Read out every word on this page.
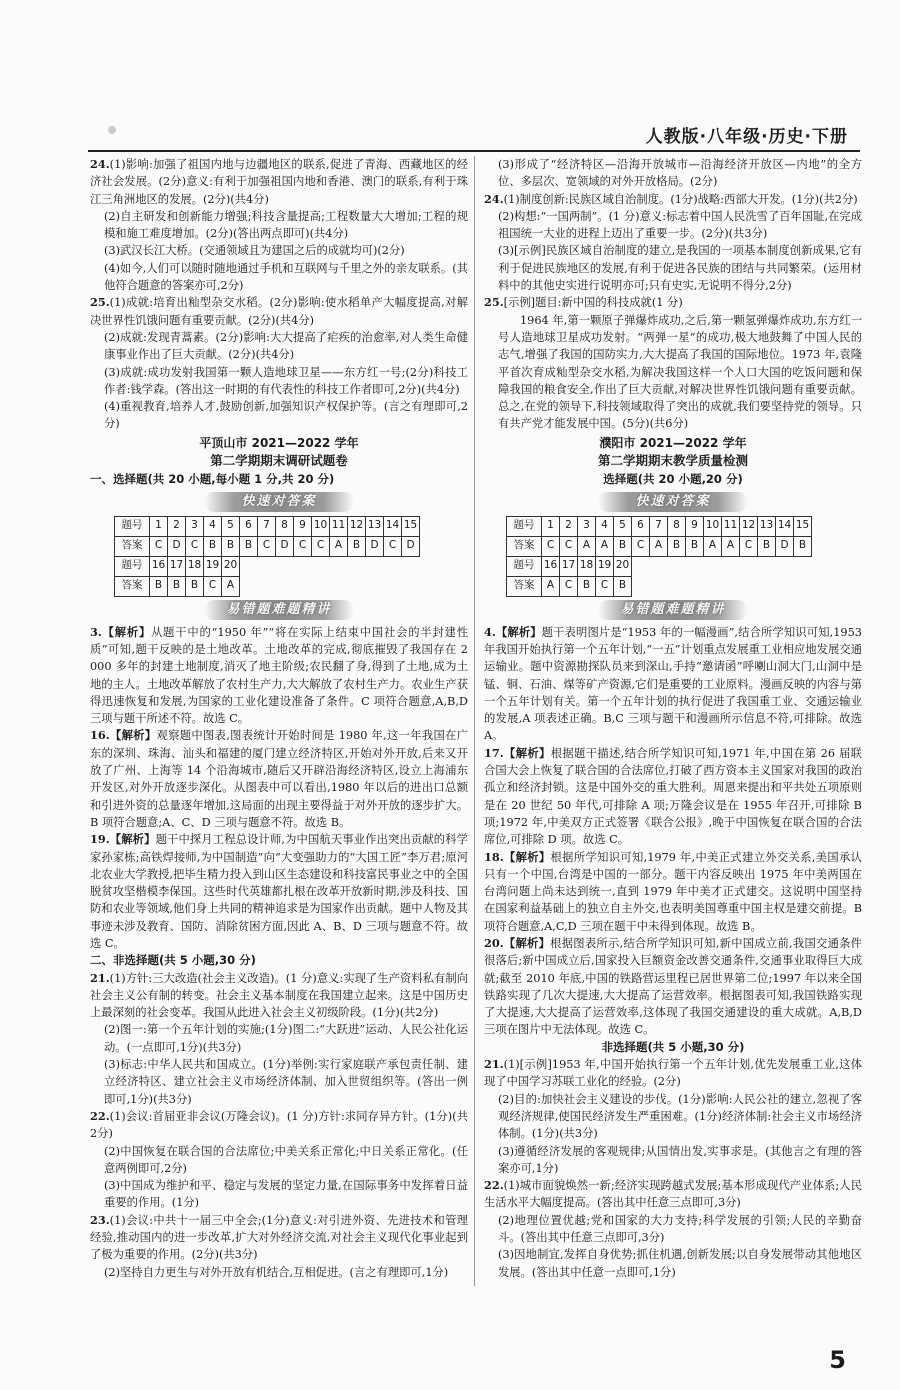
人教版·八年级·历史·下册

24.(1)影响:加强了祖国内地与边疆地区的联系,促进了青海、西藏地区的经济社会发展。(2分)意义:有利于加强祖国内地和香港、澳门的联系,有利于珠江三角洲地区的发展。(2分)(共4分)

(2)自主研发和创新能力增强;科技含量提高;工程数量大大增加;工程的规模和施工难度增加。(2分)(答出两点即可)(共4分)

(3)武汉长江大桥。(交通领域且为建国之后的成就均可)(2分)

(4)如今,人们可以随时随地通过手机和互联网与千里之外的亲友联系。(其他符合题意的答案亦可,2分)

25.(1)成就:培育出籼型杂交水稻。(2分)影响:使水稻单产大幅度提高,对解决世界性饥饿问题有重要贡献。(2分)(共4分)

(2)成就:发现青蒿素。(2分)影响:大大提高了疟疾的治愈率,对人类生命健康事业作出了巨大贡献。(2分)(共4分)

(3)成就:成功发射我国第一颗人造地球卫星——东方红一号;(2分)科技工作者:钱学森。(答出这一时期的有代表性的科技工作者即可,2分)(共4分)

(4)重视教育,培养人才,鼓励创新,加强知识产权保护等。(言之有理即可,2分)

平顶山市 2021—2022 学年
第二学期期末调研试题卷
一、选择题(共 20 小题,每小题 1 分,共 20 分)
快速对答案
题号	1	2	3	4	5	6	7	8	9	10	11	12	13	14	15
答案	C	D	C	B	B	B	C	D	C	C	A	B	D	C	D
题号	16	17	18	19	20										
答案	B	B	B	C	A										
易错题难题精讲

3.【解析】从题干中的“1950 年”“将在实际上结束中国社会的半封建性质”可知,题干反映的是土地改革。土地改革的完成,彻底摧毁了我国存在 2 000 多年的封建土地制度,消灭了地主阶级;农民翻了身,得到了土地,成为土地的主人。土地改革解放了农村生产力,大大解放了农村生产力。农业生产获得迅速恢复和发展,为国家的工业化建设准备了条件。C 项符合题意,A,B,D 三项与题干所述不符。故选 C。

16.【解析】观察题中图表,图表统计开始时间是 1980 年,这一年我国在广东的深圳、珠海、汕头和福建的厦门建立经济特区,开始对外开放,后来又开放了广州、上海等 14 个沿海城市,随后又开辟沿海经济特区,设立上海浦东开发区,对外开放逐步深化。从图表中可以看出,1980 年以后的进出口总额和引进外资的总量逐年增加,这局面的出现主要得益于对外开放的逐步扩大。B 项符合题意;A、C、D 三项与题意不符。故选 B。

19.【解析】题干中探月工程总设计师,为中国航天事业作出突出贡献的科学家孙家栋;高铁焊接师,为中国制造”向“大变强助力的“大国工匠”李万君;原河北农业大学教授,把毕生精力投入到山区生态建设和科技富民事业之中的全国脱贫攻坚楷模李保国。这些时代英雄都扎根在改革开放新时期,涉及科技、国防和农业等领域,他们身上共同的精神追求是为国家作出贡献。题中人物及其事迹未涉及教育、国防、消除贫困方面,因此 A、B、D 三项与题意不符。故选 C。

二、非选择题(共 5 小题,30 分)

21.(1)方针:三大改造(社会主义改造)。(1 分)意义:实现了生产资料私有制向社会主义公有制的转变。社会主义基本制度在我国建立起来。这是中国历史上最深刻的社会变革。我国从此进入社会主义初级阶段。(1分)(共2分)

(2)图一:第一个五年计划的实施;(1分)图二:“大跃进”运动、人民公社化运动。(一点即可,1分)(共3分)

(3)标志:中华人民共和国成立。(1分)举例:实行家庭联产承包责任制、建立经济特区、建立社会主义市场经济体制、加入世贸组织等。(答出一例即可,1分)(共3分)

22.(1)会议:首届亚非会议(万隆会议)。(1 分)方针:求同存异方针。(1分)(共2分)

(2)中国恢复在联合国的合法席位;中美关系正常化;中日关系正常化。(任意两例即可,2分)

(3)中国成为维护和平、稳定与发展的坚定力量,在国际事务中发挥着日益重要的作用。(1分)

23.(1)会议:中共十一届三中全会;(1分)意义:对引进外资、先进技术和管理经验,推动国内的进一步改革,扩大对外经济交流,对社会主义现代化事业起到了极为重要的作用。(2分)(共3分)

(2)坚持自力更生与对外开放有机结合,互相促进。(言之有理即可,1分)

(3)形成了“经济特区—沿海开放城市—沿海经济开放区—内地”的全方位、多层次、宽领域的对外开放格局。(2分)

24.(1)制度创新:民族区域自治制度。(1分)战略:西部大开发。(1分)(共2分)

(2)构想:“一国两制”。(1 分)意义:标志着中国人民洗雪了百年国耻,在完成祖国统一大业的进程上迈出了重要一步。(2分)(共3分)

(3)[示例]民族区域自治制度的建立,是我国的一项基本制度创新成果,它有利于促进民族地区的发展,有利于促进各民族的团结与共同繁荣。(运用材料中的其他史实进行说明亦可;只有史实,无说明不得分,2分)

25.[示例]题目:新中国的科技成就(1 分)

1964 年,第一颗原子弹爆炸成功,之后,第一颗氢弹爆炸成功,东方红一号人造地球卫星成功发射。“两弹一星”的成功,极大地鼓舞了中国人民的志气,增强了我国的国防实力,大大提高了我国的国际地位。1973 年,袁隆平首次育成籼型杂交水稻,为解决我国这样一个人口大国的吃饭问题和保障我国的粮食安全,作出了巨大贡献,对解决世界性饥饿问题有重要贡献。总之,在党的领导下,科技领域取得了突出的成就,我们要坚持党的领导。只有共产党才能发展中国。(5分)(共6分)

濮阳市 2021—2022 学年
第二学期期末教学质量检测
选择题(共 20 小题,20 分)
快速对答案
题号	1	2	3	4	5	6	7	8	9	10	11	12	13	14	15
答案	C	C	A	A	B	C	A	B	B	A	A	C	B	D	B
题号	16	17	18	19	20										
答案	A	C	B	C	B										
易错题难题精讲

4.【解析】题干表明图片是“1953 年的一幅漫画”,结合所学知识可知,1953 年我国开始执行第一个五年计划,“一五”计划重点发展重工业相应地发展交通运输业。题中资源勘探队员来到深山,手持“邀请函”呼喇山洞大门,山洞中是锰、铜、石油、煤等矿产资源,它们是重要的工业原料。漫画反映的内容与第一个五年计划有关。第一个五年计划的执行促进了我国重工业、交通运输业的发展,A 项表述正确。B,C 三项与题干和漫画所示信息不符,可排除。故选 A。

17.【解析】根据题干描述,结合所学知识可知,1971 年,中国在第 26 届联合国大会上恢复了联合国的合法席位,打破了西方资本主义国家对我国的政治孤立和经济封锁。这是中国外交的重大胜利。周恩来提出和平共处五项原则是在 20 世纪 50 年代,可排除 A 项;万隆会议是在 1955 年召开,可排除 B 项;1972 年,中美双方正式签署《联合公报》,晚于中国恢复在联合国的合法席位,可排除 D 项。故选 C。

18.【解析】根据所学知识可知,1979 年,中美正式建立外交关系,美国承认只有一个中国,台湾是中国的一部分。题干内容反映出 1975 年中美两国在台湾问题上尚未达到统一,直到 1979 年中美才正式建交。这说明中国坚持在国家利益基础上的独立自主外交,也表明美国尊重中国主权是建交前提。B 项符合题意,A,C,D 三项在题干中未得到体现。故选 B。

20.【解析】根据图表所示,结合所学知识可知,新中国成立前,我国交通条件很落后;新中国成立后,国家投入巨额资金改善交通条件,交通事业取得巨大成就;截至 2010 年底,中国的铁路营运里程已居世界第二位;1997 年以来全国铁路实现了几次大提速,大大提高了运营效率。根据图表可知,我国铁路实现了大提速,大大提高了运营效率,这体现了我国交通建设的重大成就。A,B,D 三项在图片中无法体现。故选 C。

非选择题(共 5 小题,30 分)

21.(1)[示例]1953 年,中国开始执行第一个五年计划,优先发展重工业,这体现了中国学习苏联工业化的经验。(2分)

(2)目的:加快社会主义建设的步伐。(1分)影响:人民公社的建立,忽视了客观经济规律,使国民经济发生严重困难。(1分)经济体制:社会主义市场经济体制。(1分)(共3分)

(3)遵循经济发展的客观规律;从国情出发,实事求是。(其他言之有理的答案亦可,1分)

22.(1)城市面貌焕然一新;经济实现跨越式发展;基本形成现代产业体系;人民生活水平大幅度提高。(答出其中任意三点即可,3分)

(2)地理位置优越;党和国家的大力支持;科学发展的引领;人民的辛勤奋斗。(答出其中任意三点即可,3分)

(3)因地制宜,发挥自身优势;抓住机遇,创新发展;以自身发展带动其他地区发展。(答出其中任意一点即可,1分)

5
